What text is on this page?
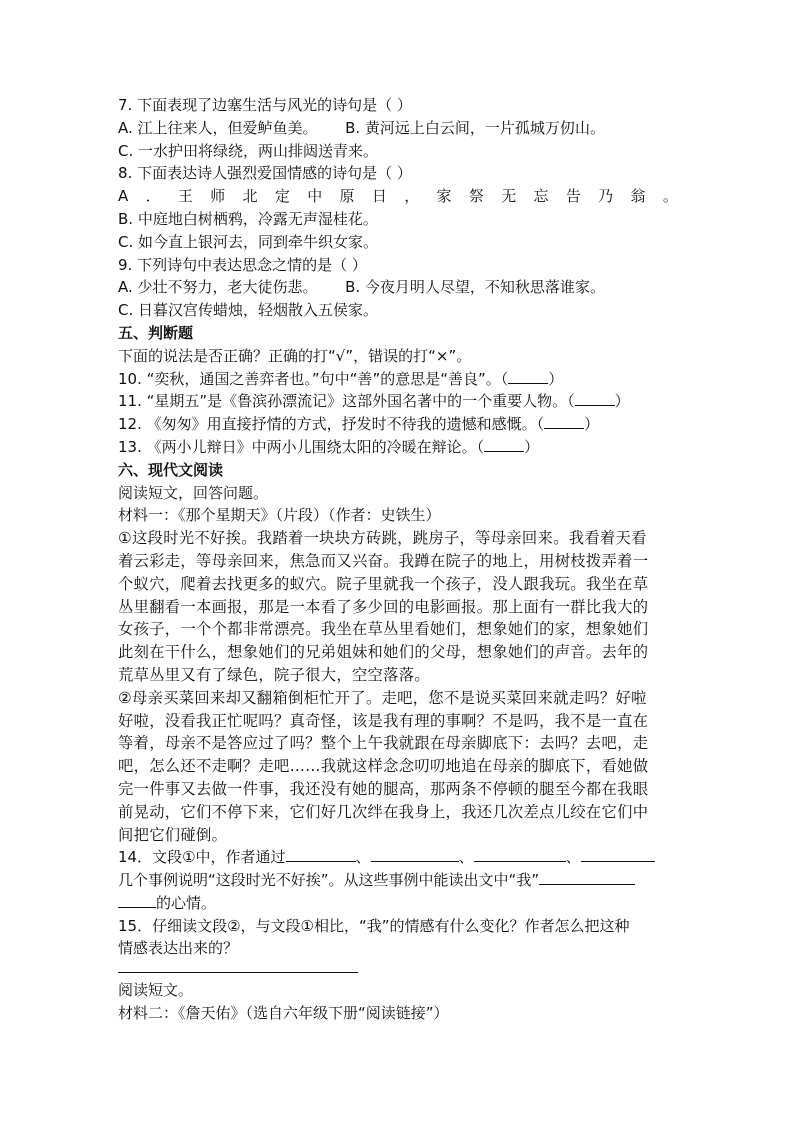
7. 下面表现了边塞生活与风光的诗句是（ ）
A. 江上往来人，但爱鲈鱼美。 B. 黄河远上白云间，一片孤城万仞山。
C. 一水护田将绿绕，两山排闼送青来。
8. 下面表达诗人强烈爱国情感的诗句是（ ）
A ． 王 师 北 定 中 原 日 ， 家 祭 无 忘 告 乃 翁 。
B. 中庭地白树栖鸦，冷露无声湿桂花。
C. 如今直上银河去，同到牵牛织女家。
9. 下列诗句中表达思念之情的是（ ）
A. 少壮不努力，老大徒伤悲。 B. 今夜月明人尽望，不知秋思落谁家。
C. 日暮汉宫传蜡烛，轻烟散入五侯家。
五、判断题
下面的说法是否正确？正确的打“√”，错误的打“×”。
10. “奕秋，通国之善弈者也。”句中“善”的意思是“善良”。（	）
11. “星期五”是《鲁滨孙漂流记》这部外国名著中的一个重要人物。（	）
12. 《匆匆》用直接抒情的方式，抒发时不待我的遗憾和感慨。（	）
13. 《两小儿辩日》中两小儿围绕太阳的冷暖在辩论。（	）
六、现代文阅读
阅读短文，回答问题。
材料一：《那个星期天》（片段）（作者：史铁生）
①这段时光不好挨。我踏着一块块方砖跳，跳房子，等母亲回来。我看着天看
着云彩走，等母亲回来，焦急而又兴奋。我蹲在院子的地上，用树枝拨弄着一
个蚁穴，爬着去找更多的蚁穴。院子里就我一个孩子，没人跟我玩。我坐在草
丛里翻看一本画报，那是一本看了多少回的电影画报。那上面有一群比我大的
女孩子，一个个都非常漂亮。我坐在草丛里看她们，想象她们的家，想象她们
此刻在干什么，想象她们的兄弟姐妹和她们的父母，想象她们的声音。去年的
荒草丛里又有了绿色，院子很大，空空落落。
②母亲买菜回来却又翻箱倒柜忙开了。走吧，您不是说买菜回来就走吗？好啦
好啦，没看我正忙呢吗？真奇怪，该是我有理的事啊？不是吗，我不是一直在
等着，母亲不是答应过了吗？整个上午我就跟在母亲脚底下：去吗？去吧，走
吧，怎么还不走啊？走吧……我就这样念念叨叨地追在母亲的脚底下，看她做
完一件事又去做一件事，我还没有她的腿高，那两条不停顿的腿至今都在我眼
前晃动，它们不停下来，它们好几次绊在我身上，我还几次差点儿绞在它们中
间把它们碰倒。
14．文段①中，作者通过	、	、	、
几个事例说明“这段时光不好挨”。从这些事例中能读出文中“我”
的心情。
15．仔细读文段②，与文段①相比，“我”的情感有什么变化？作者怎么把这种
情感表达出来的？
阅读短文。
材料二：《詹天佑》（选自六年级下册“阅读链接”）
